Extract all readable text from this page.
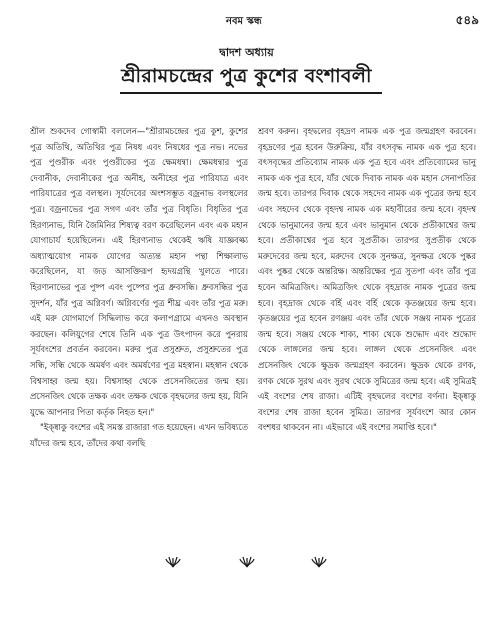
নবম স্কন্ধ	৫৪৯
দ্বাদশ অধ্যায়
শ্রীরামচন্দ্রের পুত্র কুশের বংশাবলী

শ্রীল শুকদেব গোস্বামী বললেন—"শ্রীরামচন্দ্রের পুত্র কুশ, কুশের পুত্র অতিথি, অতিথির পুত্র নিষধ এবং নিষধের পুত্র নভ। নভের পুত্র পুণ্ডরীক এবং পুণ্ডরীকের পুত্র ক্ষেমধন্বা। ক্ষেমধন্বার পুত্র দেবানীক, দেবানীকের পুত্র অনীহ, অনীহের পুত্র পারিযাত্র এবং পারিযাত্রের পুত্র বলস্থল। সূর্যদেবের অংশসম্ভূত বজ্রনাভ বলস্থলের পুত্র। বজ্রনাভের পুত্র সগণ এবং তাঁর পুত্র বিধৃতি। বিধৃতির পুত্র হিরণ্যনাভ, যিনি জৈমিনির শিষ্যত্ব বরণ করেছিলেন এবং এক মহান যোগাচার্য হয়েছিলেন। এই হিরণ্যনাভ থেকেই ঋষি যাজ্ঞবল্ক্য অধ্যাত্মযোগ নামক যোগের অত্যন্ত মহান পন্থা শিক্ষালাভ করেছিলেন, যা জড় আসক্তিরূপ হৃদয়গ্রন্থি খুলতে পারে। হিরণ্যনাভের পুত্র পুষ্প এবং পুষ্পের পুত্র ধ্রুবসন্ধি। ধ্রুবসন্ধির পুত্র সুদর্শন, যাঁর পুত্র অগ্নিবর্ণ। অগ্নিবর্ণের পুত্র শীঘ্র এবং তাঁর পুত্র মরু। এই মরু যোগমার্গে সিদ্ধিলাভ করে কলাপগ্রামে এখনও অবস্থান করছেন। কলিযুগের শেষে তিনি এক পুত্র উৎপাদন করে পুনরায় সূর্যবংশের প্রবর্তন করবেন। মরুর পুত্র প্রসুশ্রুত, প্রসুশ্রুতের পুত্র সন্ধি, সন্ধি থেকে অমর্ষণ এবং অমর্ষণের পুত্র মহস্বান। মহস্বান থেকে বিশ্বসাহ্ব জন্ম হয়। বিশ্বসাহ্ব থেকে প্রসেনজিতের জন্ম হয়। প্রসেনজিৎ থেকে তক্ষক এবং তক্ষক থেকে বৃহদ্বলের জন্ম হয়, যিনি যুদ্ধে আপনার পিতা কর্তৃক নিহত হন।"

"ইক্ষ্বাকু বংশের এই সমস্ত রাজারা গত হয়েছেন। এখন ভবিষ্যতে যাঁদের জন্ম হবে, তাঁদের কথা বলছি

শ্রবণ করুন। বৃহদ্বলের বৃহদ্রণ নামক এক পুত্র জন্মগ্রহণ করবেন। বৃহদ্রণের পুত্র হবেন উরুক্রিয়, যাঁর বৎসবৃদ্ধ নামক এক পুত্র হবে। বৎসবৃদ্ধের প্রতিব্যোম নামক এক পুত্র হবে এবং প্রতিব্যোমের ভানু নামক এক পুত্র হবে, যাঁর থেকে দিবাক নামক এক মহান সেনাপতির জন্ম হবে। তারপর দিবাক থেকে সহদেব নামক এক পুত্রের জন্ম হবে এবং সহদেব থেকে বৃহদশ্ব নামক এক মহাবীরের জন্ম হবে। বৃহদশ্ব থেকে ভানুমানের জন্ম হবে এবং ভানুমান থেকে প্রতীকাশ্বের জন্ম হবে। প্রতীকাশ্বের পুত্র হবে সুপ্রতীক। তারপর সুপ্রতীক থেকে মরুদেবের জন্ম হবে, মরুদেব থেকে সুনক্ষত্র, সুনক্ষত্র থেকে পুষ্কর এবং পুষ্কর থেকে অন্তরিক্ষ। অন্তরিক্ষের পুত্র সুতপা এবং তাঁর পুত্র হবেন অমিত্রজিৎ। অমিত্রজিৎ থেকে বৃহদ্রাজ নামক পুত্রের জন্ম হবে। বৃহদ্রাজ থেকে বর্হি এবং বর্হি থেকে কৃতঞ্জয়ের জন্ম হবে। কৃতঞ্জয়ের পুত্র হবেন রণঞ্জয় এবং তাঁর থেকে সঞ্জয় নামক পুত্রের জন্ম হবে। সঞ্জয় থেকে শাক্য, শাক্য থেকে শুদ্ধোদ এবং শুদ্ধোদ থেকে লাঙ্গলের জন্ম হবে। লাঙ্গল থেকে প্রসেনজিৎ এবং প্রসেনজিৎ থেকে ক্ষুদ্রক জন্মগ্রহণ করবেন। ক্ষুদ্রক থেকে রণক, রণক থেকে সুরথ এবং সুরথ থেকে সুমিত্রের জন্ম হবে। এই সুমিত্রই এই বংশের শেষ রাজা। এটিই বৃহদ্বলের বংশের বর্ণনা। ইক্ষ্বাকু বংশের শেষ রাজা হবেন সুমিত্র। তারপর সূর্যবংশে আর কোন বংশধর থাকবেন না। এইভাবে এই বংশের সমাপ্তি হবে।"
